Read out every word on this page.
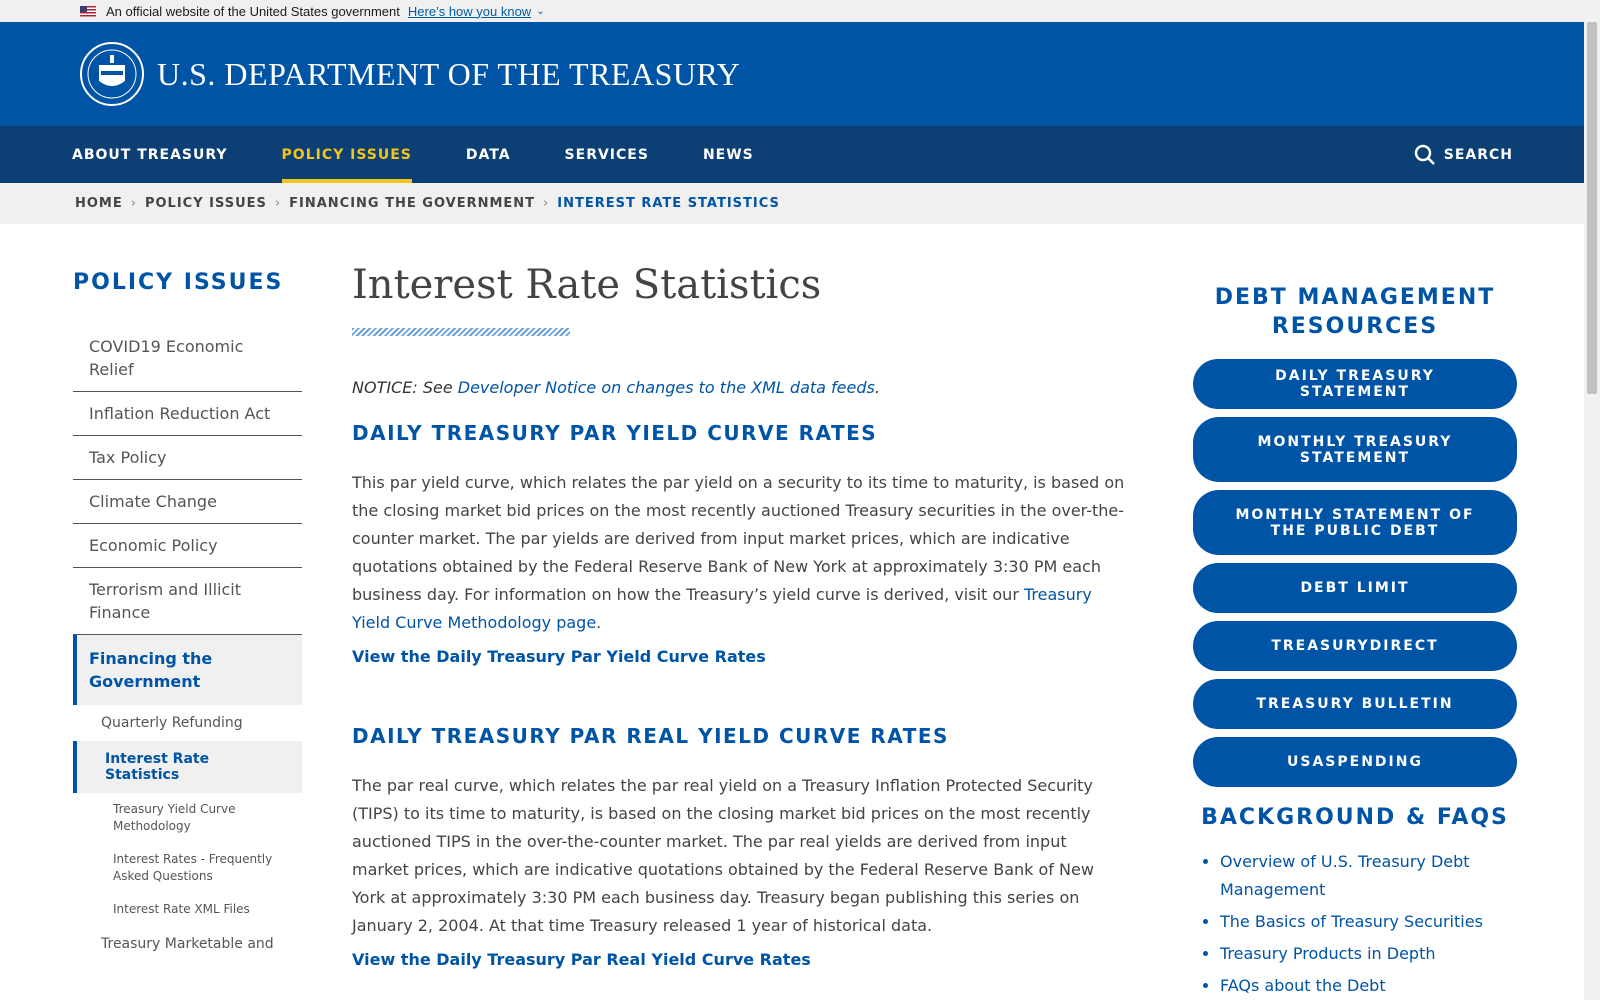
An official website of the United States government Here’s how you know ⌄
U.S. DEPARTMENT OF THE TREASURY
ABOUT TREASURY	POLICY ISSUES	DATA	SERVICES	NEWS	SEARCH
HOME › POLICY ISSUES › FINANCING THE GOVERNMENT › INTEREST RATE STATISTICS
POLICY ISSUES
COVID19 Economic Relief
Inflation Reduction Act
Tax Policy
Climate Change
Economic Policy
Terrorism and Illicit Finance
Financing the Government
Quarterly Refunding
Interest Rate Statistics
Treasury Yield Curve Methodology
Interest Rates - Frequently Asked Questions
Interest Rate XML Files
Treasury Marketable and
Interest Rate Statistics

NOTICE: See Developer Notice on changes to the XML data feeds.

DAILY TREASURY PAR YIELD CURVE RATES

This par yield curve, which relates the par yield on a security to its time to maturity, is based on the closing market bid prices on the most recently auctioned Treasury securities in the over-the-counter market. The par yields are derived from input market prices, which are indicative quotations obtained by the Federal Reserve Bank of New York at approximately 3:30 PM each business day. For information on how the Treasury’s yield curve is derived, visit our Treasury Yield Curve Methodology page.

View the Daily Treasury Par Yield Curve Rates
DAILY TREASURY PAR REAL YIELD CURVE RATES

The par real curve, which relates the par real yield on a Treasury Inflation Protected Security (TIPS) to its time to maturity, is based on the closing market bid prices on the most recently auctioned TIPS in the over-the-counter market. The par real yields are derived from input market prices, which are indicative quotations obtained by the Federal Reserve Bank of New York at approximately 3:30 PM each business day. Treasury began publishing this series on January 2, 2004. At that time Treasury released 1 year of historical data.

View the Daily Treasury Par Real Yield Curve Rates
DEBT MANAGEMENT RESOURCES
DAILY TREASURY STATEMENT
MONTHLY TREASURY STATEMENT
MONTHLY STATEMENT OF THE PUBLIC DEBT
DEBT LIMIT
TREASURYDIRECT
TREASURY BULLETIN
USASPENDING
BACKGROUND & FAQS
• Overview of U.S. Treasury Debt Management
• The Basics of Treasury Securities
• Treasury Products in Depth
• FAQs about the Debt
